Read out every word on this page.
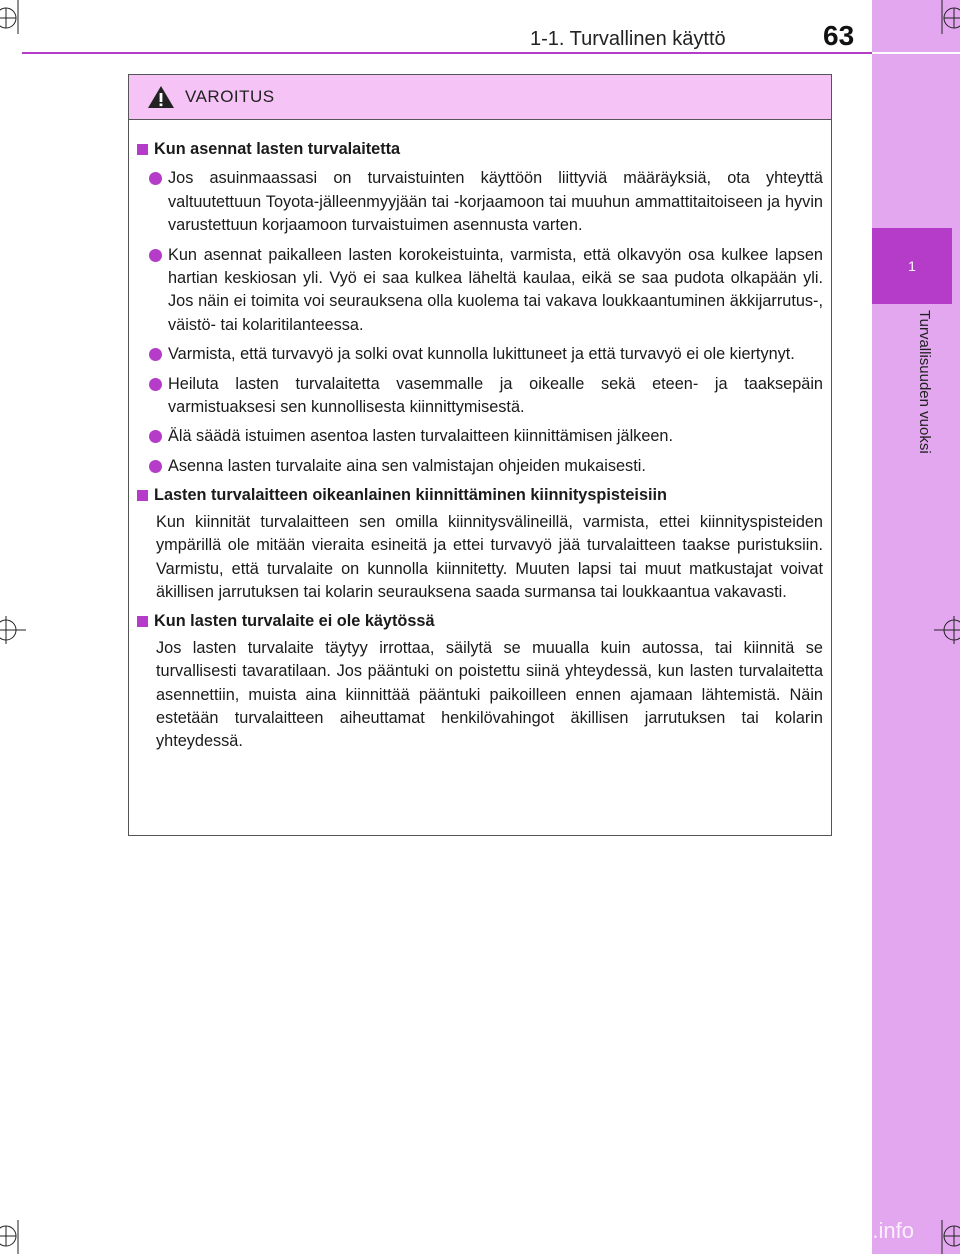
1
Turvallisuuden vuoksi
1-1. Turvallinen käyttö	63
VAROITUS
Kun asennat lasten turvalaitetta
Jos asuinmaassasi on turvaistuinten käyttöön liittyviä määräyksiä, ota yhteyttä valtuutettuun Toyota-jälleenmyyjään tai -korjaamoon tai muuhun ammattitaitoiseen ja hyvin varustettuun korjaamoon turvaistuimen asennusta varten.
Kun asennat paikalleen lasten korokeistuinta, varmista, että olkavyön osa kulkee lapsen hartian keskiosan yli. Vyö ei saa kulkea läheltä kaulaa, eikä se saa pudota olkapään yli. Jos näin ei toimita voi seurauksena olla kuolema tai vakava loukkaantuminen äkkijarrutus-, väistö- tai kolaritilanteessa.
Varmista, että turvavyö ja solki ovat kunnolla lukittuneet ja että turvavyö ei ole kiertynyt.
Heiluta lasten turvalaitetta vasemmalle ja oikealle sekä eteen- ja taaksepäin varmistuaksesi sen kunnollisesta kiinnittymisestä.
Älä säädä istuimen asentoa lasten turvalaitteen kiinnittämisen jälkeen.
Asenna lasten turvalaite aina sen valmistajan ohjeiden mukaisesti.
Lasten turvalaitteen oikeanlainen kiinnittäminen kiinnityspisteisiin
Kun kiinnität turvalaitteen sen omilla kiinnitysvälineillä, varmista, ettei kiinnityspisteiden ympärillä ole mitään vieraita esineitä ja ettei turvavyö jää turvalaitteen taakse puristuksiin. Varmistu, että turvalaite on kunnolla kiinnitetty. Muuten lapsi tai muut matkustajat voivat äkillisen jarrutuksen tai kolarin seurauksena saada surmansa tai loukkaantua vakavasti.
Kun lasten turvalaite ei ole käytössä
Jos lasten turvalaite täytyy irrottaa, säilytä se muualla kuin autossa, tai kiinnitä se turvallisesti tavaratilaan. Jos pääntuki on poistettu siinä yhteydessä, kun lasten turvalaitetta asennettiin, muista aina kiinnittää pääntuki paikoilleen ennen ajamaan lähtemistä. Näin estetään turvalaitteen aiheuttamat henkilövahingot äkillisen jarrutuksen tai kolarin yhteydessä.
carmanualsonline.info
